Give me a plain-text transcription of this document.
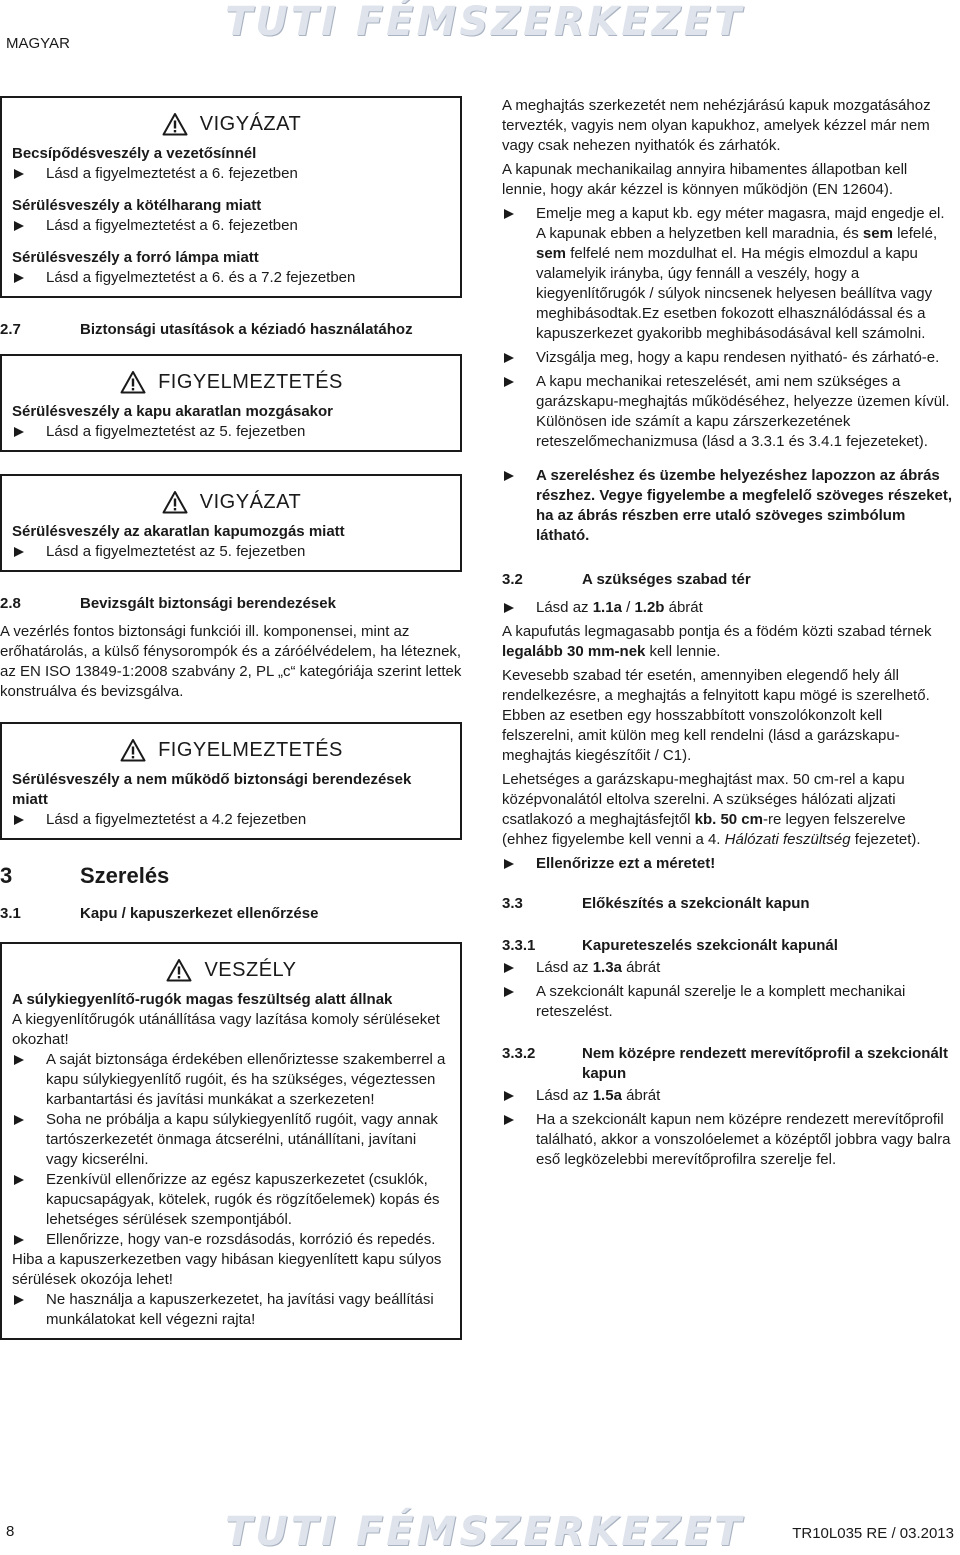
TUTI FÉMSZERKEZET
MAGYAR
VIGYÁZAT

Becsípődésveszély a vezetősínnél

Lásd a figyelmeztetést a 6. fejezetben

Sérülésveszély a kötélharang miatt

Lásd a figyelmeztetést a 6. fejezetben

Sérülésveszély a forró lámpa miatt

Lásd a figyelmeztetést a 6. és a 7.2 fejezetben

2.7	Biztonsági utasítások a kéziadó használatához
FIGYELMEZTETÉS

Sérülésveszély a kapu akaratlan mozgásakor

Lásd a figyelmeztetést az 5. fejezetben

VIGYÁZAT

Sérülésveszély az akaratlan kapumozgás miatt

Lásd a figyelmeztetést az 5. fejezetben

2.8	Bevizsgált biztonsági berendezések

A vezérlés fontos biztonsági funkciói ill. komponensei, mint az erőhatárolás, a külső fénysorompók és a záróélvédelem, ha léteznek, az EN ISO 13849-1:2008 szabvány 2, PL „c“ kategóriája szerint lettek konstruálva és bevizsgálva.

FIGYELMEZTETÉS

Sérülésveszély a nem működő biztonsági berendezések miatt

Lásd a figyelmeztetést a 4.2 fejezetben

3	Szerelés
3.1	Kapu / kapuszerkezet ellenőrzése
VESZÉLY

A súlykiegyenlítő-rugók magas feszültség alatt állnak

A kiegyenlítőrugók utánállítása vagy lazítása komoly sérüléseket okozhat!

A saját biztonsága érdekében ellenőriztesse szakemberrel a kapu súlykiegyenlítő rugóit, és ha szükséges, végeztessen karbantartási és javítási munkákat a szerkezeten!

Soha ne próbálja a kapu súlykiegyenlítő rugóit, vagy annak tartószerkezetét önmaga átcserélni, utánállítani, javítani vagy kicserélni.

Ezenkívül ellenőrizze az egész kapuszerkezetet (csuklók, kapucsapágyak, kötelek, rugók és rögzítőelemek) kopás és lehetséges sérülések szempontjából.

Ellenőrizze, hogy van-e rozsdásodás, korrózió és repedés.

Hiba a kapuszerkezetben vagy hibásan kiegyenlített kapu súlyos sérülések okozója lehet!

Ne használja a kapuszerkezetet, ha javítási vagy beállítási munkálatokat kell végezni rajta!

A meghajtás szerkezetét nem nehézjárású kapuk mozgatásához tervezték, vagyis nem olyan kapukhoz, amelyek kézzel már nem vagy csak nehezen nyithatók és zárhatók.

A kapunak mechanikailag annyira hibamentes állapotban kell lennie, hogy akár kézzel is könnyen működjön (EN 12604).

Emelje meg a kaput kb. egy méter magasra, majd engedje el.

A kapunak ebben a helyzetben kell maradnia, és sem lefelé, sem felfelé nem mozdulhat el. Ha mégis elmozdul a kapu valamelyik irányba, úgy fennáll a veszély, hogy a kiegyenlítőrugók / súlyok nincsenek helyesen beállítva vagy meghibásodtak.Ez esetben fokozott elhasználódással és a kapuszerkezet gyakoribb meghibásodásával kell számolni.

Vizsgálja meg, hogy a kapu rendesen nyitható- és zárható-e.

A kapu mechanikai reteszelését, ami nem szükséges a garázskapu-meghajtás működéséhez, helyezze üzemen kívül. Különösen ide számít a kapu zárszerkezetének reteszelőmechanizmusa (lásd a 3.3.1 és 3.4.1 fejezeteket).

A szereléshez és üzembe helyezéshez lapozzon az ábrás részhez. Vegye figyelembe a megfelelő szöveges részeket, ha az ábrás részben erre utaló szöveges szimbólum látható.

3.2	A szükséges szabad tér

Lásd az 1.1a / 1.2b ábrát

A kapufutás legmagasabb pontja és a födém közti szabad térnek legalább 30 mm-nek kell lennie.

Kevesebb szabad tér esetén, amennyiben elegendő hely áll rendelkezésre, a meghajtás a felnyitott kapu mögé is szerelhető. Ebben az esetben egy hosszabbított vonszolókonzolt kell felszerelni, amit külön meg kell rendelni (lásd a garázskapu-meghajtás kiegészítőit / C1).

Lehetséges a garázskapu-meghajtást max. 50 cm-rel a kapu középvonalától eltolva szerelni. A szükséges hálózati aljzati csatlakozó a meghajtásfejtől kb. 50 cm-re legyen felszerelve (ehhez figyelembe kell venni a 4. Hálózati feszültség fejezetet).

Ellenőrizze ezt a méretet!

3.3	Előkészítés a szekcionált kapun
3.3.1	Kapureteszelés szekcionált kapunál

Lásd az 1.3a ábrát

A szekcionált kapunál szerelje le a komplett mechanikai reteszelést.

3.3.2	Nem középre rendezett merevítőprofil a szekcionált kapun

Lásd az 1.5a ábrát

Ha a szekcionált kapun nem középre rendezett merevítőprofil található, akkor a vonszolóelemet a középtől jobbra vagy balra eső legközelebbi merevítőprofilra szerelje fel.

8	TUTI FÉMSZERKEZET	TR10L035 RE / 03.2013
